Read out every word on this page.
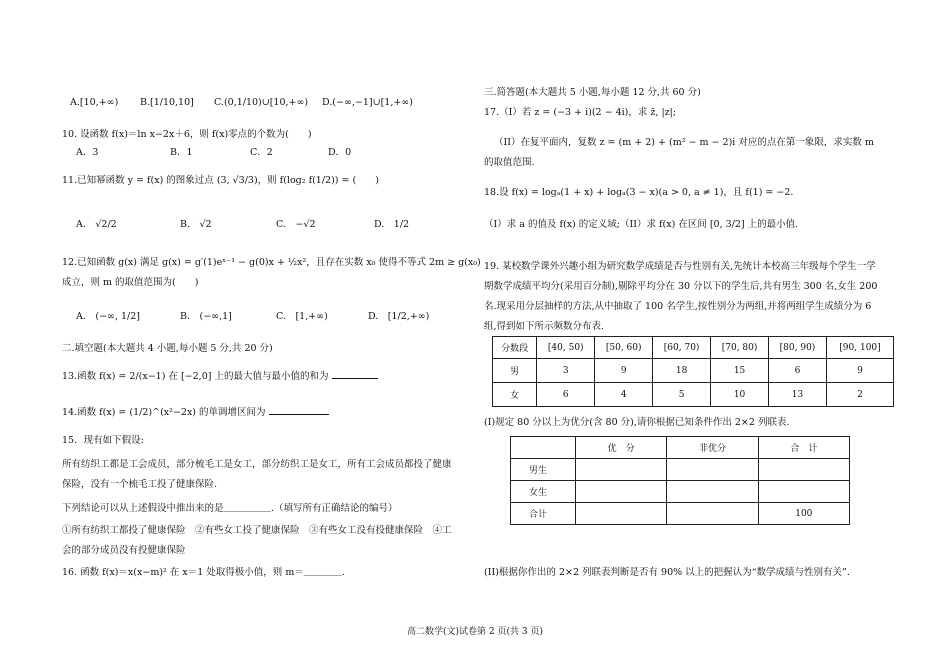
A.[10,+∞) B.[1/10,10] C.(0,1/10)∪[10,+∞) D.(−∞,−1]∪[1,+∞)
10. 设函数 f(x)＝ln x−2x＋6，则 f(x)零点的个数为(　　)
A．3	B．1	C．2	D．0
11.已知幂函数 y = f(x) 的图象过点 (3, √3/3)，则 f(log₂ f(1/2)) = (　　)
A.　√2/2	B.　√2	C.　−√2	D.　1/2
12.已知函数 g(x) 满足 g(x) = g′(1)eˣ⁻¹ − g(0)x + ½x²，且存在实数 x₀ 使得不等式 2m ≥ g(x₀)
成立，则 m 的取值范围为(　　)
A.　(−∞, 1/2]	B.　(−∞,1]	C.　[1,+∞)	D.　[1/2,+∞)
二.填空题(本大题共 4 小题,每小题 5 分,共 20 分)
13.函数 f(x) = 2/(x−1) 在 [−2,0] 上的最大值与最小值的和为
14.函数 f(x) = (1/2)^(x²−2x) 的单调增区间为
15．现有如下假设:
所有纺织工都是工会成员，部分梳毛工是女工，部分纺织工是女工，所有工会成员都投了健康
保险，没有一个梳毛工投了健康保险.
下列结论可以从上述假设中推出来的是＿＿＿＿＿.（填写所有正确结论的编号）
①所有纺织工都投了健康保险　②有些女工投了健康保险　③有些女工没有投健康保险　④工
会的部分成员没有投健康保险
16. 函数 f(x)＝x(x−m)² 在 x＝1 处取得极小值，则 m＝＿＿＿＿.
三.简答题(本大题共 5 小题,每小题 12 分,共 60 分)
17.（I）若 z = (−3 + i)(2 − 4i)，求 z̄, |z|;
（II）在复平面内，复数 z = (m + 2) + (m² − m − 2)i 对应的点在第一象限，求实数 m
的取值范围.
18.设 f(x) = logₐ(1 + x) + logₐ(3 − x)(a > 0, a ≠ 1)，且 f(1) = −2.
（I）求 a 的值及 f(x) 的定义域;（II）求 f(x) 在区间 [0, 3/2] 上的最小值.
19. 某校数学课外兴趣小组为研究数学成绩是否与性别有关,先统计本校高三年级每个学生一学
期数学成绩平均分(采用百分制),剔除平均分在 30 分以下的学生后,共有男生 300 名,女生 200
名.现采用分层抽样的方法,从中抽取了 100 名学生,按性别分为两组,并将两组学生成绩分为 6
组,得到如下所示频数分布表.
分数段	[40, 50)	[50, 60)	[60, 70)	[70, 80)	[80, 90)	[90, 100]
男	3	9	18	15	6	9
女	6	4	5	10	13	2
(I)规定 80 分以上为优分(含 80 分),请你根据已知条件作出 2×2 列联表.
	优　分	非优分	合　计
男生			
女生			
合计			100
(II)根据你作出的 2×2 列联表判断是否有 90% 以上的把握认为“数学成绩与性别有关”.
高二数学(文)试卷第 2 页(共 3 页)
